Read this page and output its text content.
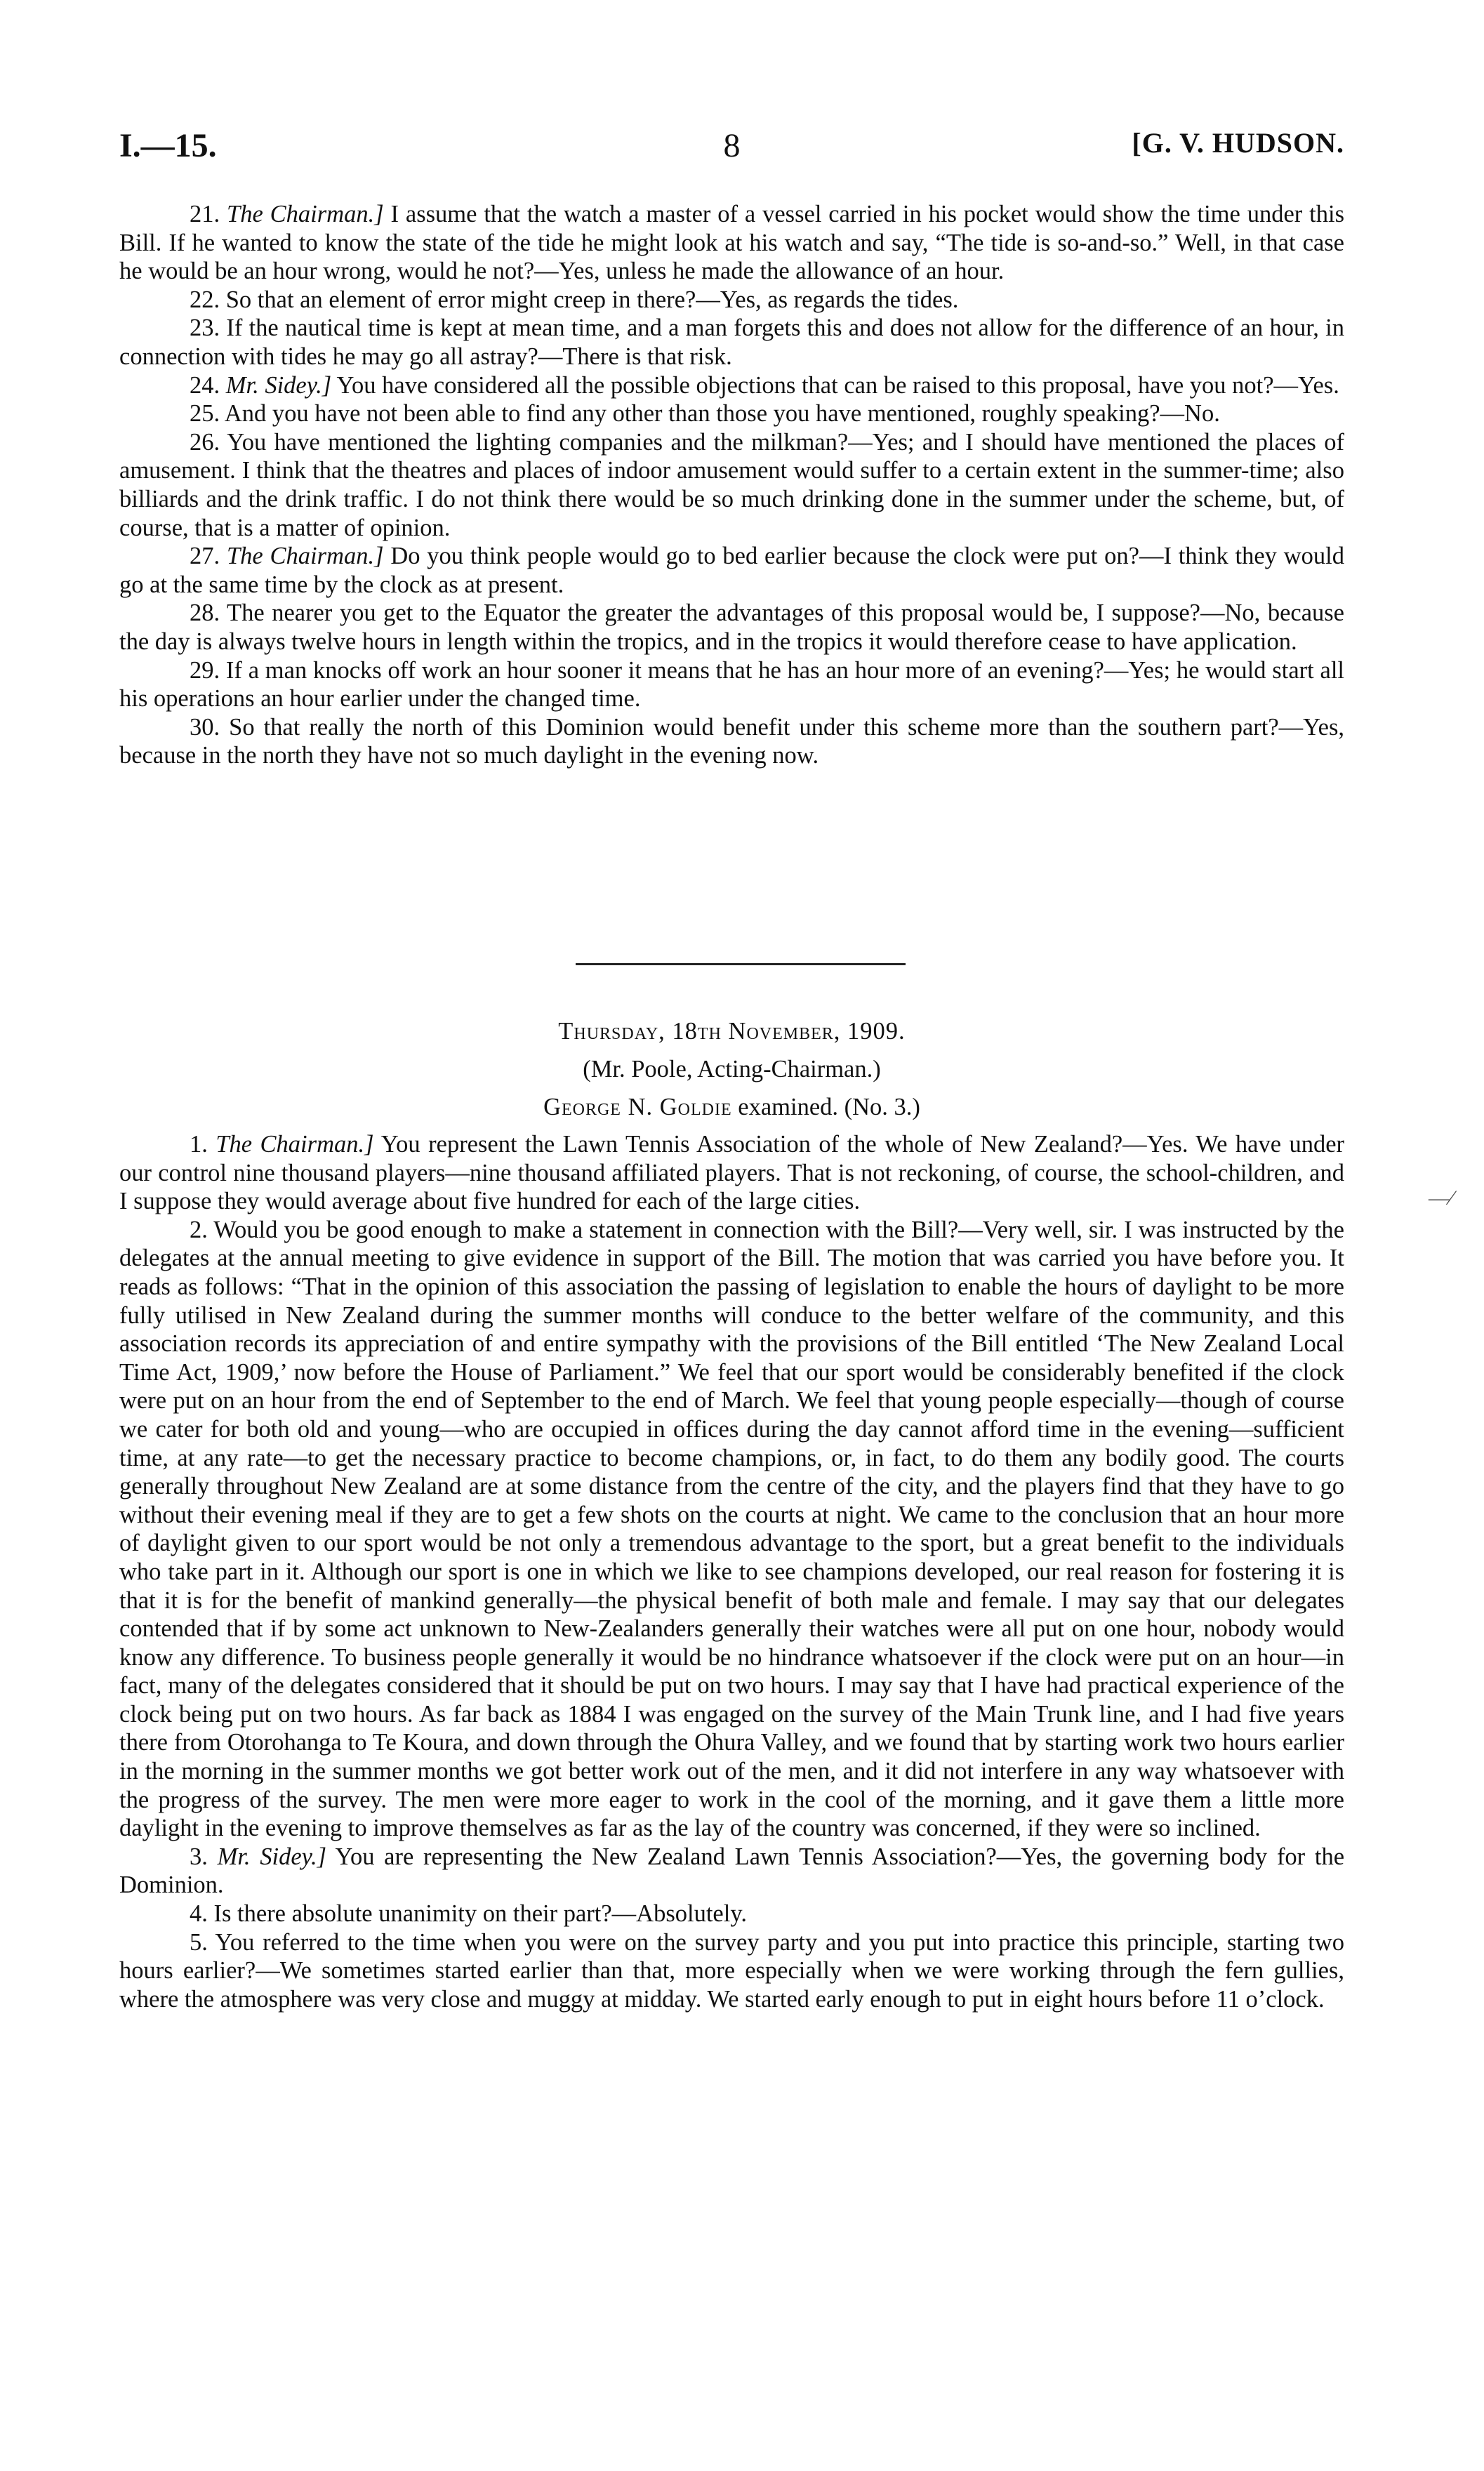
I.—15.	8	[G. V. HUDSON.

21. The Chairman.] I assume that the watch a master of a vessel carried in his pocket would show the time under this Bill. If he wanted to know the state of the tide he might look at his watch and say, “The tide is so-and-so.” Well, in that case he would be an hour wrong, would he not?—Yes, unless he made the allowance of an hour.

22. So that an element of error might creep in there?—Yes, as regards the tides.

23. If the nautical time is kept at mean time, and a man forgets this and does not allow for the difference of an hour, in connection with tides he may go all astray?—There is that risk.

24. Mr. Sidey.] You have considered all the possible objections that can be raised to this proposal, have you not?—Yes.

25. And you have not been able to find any other than those you have mentioned, roughly speaking?—No.

26. You have mentioned the lighting companies and the milkman?—Yes; and I should have mentioned the places of amusement. I think that the theatres and places of indoor amusement would suffer to a certain extent in the summer-time; also billiards and the drink traffic. I do not think there would be so much drinking done in the summer under the scheme, but, of course, that is a matter of opinion.

27. The Chairman.] Do you think people would go to bed earlier because the clock were put on?—I think they would go at the same time by the clock as at present.

28. The nearer you get to the Equator the greater the advantages of this proposal would be, I suppose?—No, because the day is always twelve hours in length within the tropics, and in the tropics it would therefore cease to have application.

29. If a man knocks off work an hour sooner it means that he has an hour more of an evening?—Yes; he would start all his operations an hour earlier under the changed time.

30. So that really the north of this Dominion would benefit under this scheme more than the southern part?—Yes, because in the north they have not so much daylight in the evening now.

Thursday, 18th November, 1909.
(Mr. Poole, Acting-Chairman.)
George N. Goldie examined. (No. 3.)

1. The Chairman.] You represent the Lawn Tennis Association of the whole of New Zealand?—Yes. We have under our control nine thousand players—nine thousand affiliated players. That is not reckoning, of course, the school-children, and I suppose they would average about five hundred for each of the large cities.

2. Would you be good enough to make a statement in connection with the Bill?—Very well, sir. I was instructed by the delegates at the annual meeting to give evidence in support of the Bill. The motion that was carried you have before you. It reads as follows: “That in the opinion of this association the passing of legislation to enable the hours of daylight to be more fully utilised in New Zealand during the summer months will conduce to the better welfare of the community, and this association records its appreciation of and entire sympathy with the provisions of the Bill entitled ‘The New Zealand Local Time Act, 1909,’ now before the House of Parliament.” We feel that our sport would be considerably benefited if the clock were put on an hour from the end of September to the end of March. We feel that young people especially—though of course we cater for both old and young—who are occupied in offices during the day cannot afford time in the evening—sufficient time, at any rate—to get the necessary practice to become champions, or, in fact, to do them any bodily good. The courts generally throughout New Zealand are at some distance from the centre of the city, and the players find that they have to go without their evening meal if they are to get a few shots on the courts at night. We came to the conclusion that an hour more of daylight given to our sport would be not only a tremendous advantage to the sport, but a great benefit to the individuals who take part in it. Although our sport is one in which we like to see champions developed, our real reason for fostering it is that it is for the benefit of mankind generally—the physical benefit of both male and female. I may say that our delegates contended that if by some act unknown to New-Zealanders generally their watches were all put on one hour, nobody would know any difference. To business people generally it would be no hindrance whatsoever if the clock were put on an hour—in fact, many of the delegates considered that it should be put on two hours. I may say that I have had practical experience of the clock being put on two hours. As far back as 1884 I was engaged on the survey of the Main Trunk line, and I had five years there from Otorohanga to Te Koura, and down through the Ohura Valley, and we found that by starting work two hours earlier in the morning in the summer months we got better work out of the men, and it did not interfere in any way whatsoever with the progress of the survey. The men were more eager to work in the cool of the morning, and it gave them a little more daylight in the evening to improve themselves as far as the lay of the country was concerned, if they were so inclined.

3. Mr. Sidey.] You are representing the New Zealand Lawn Tennis Association?—Yes, the governing body for the Dominion.

4. Is there absolute unanimity on their part?—Absolutely.

5. You referred to the time when you were on the survey party and you put into practice this principle, starting two hours earlier?—We sometimes started earlier than that, more especially when we were working through the fern gullies, where the atmosphere was very close and muggy at midday. We started early enough to put in eight hours before 11 o’clock.

—⁄
